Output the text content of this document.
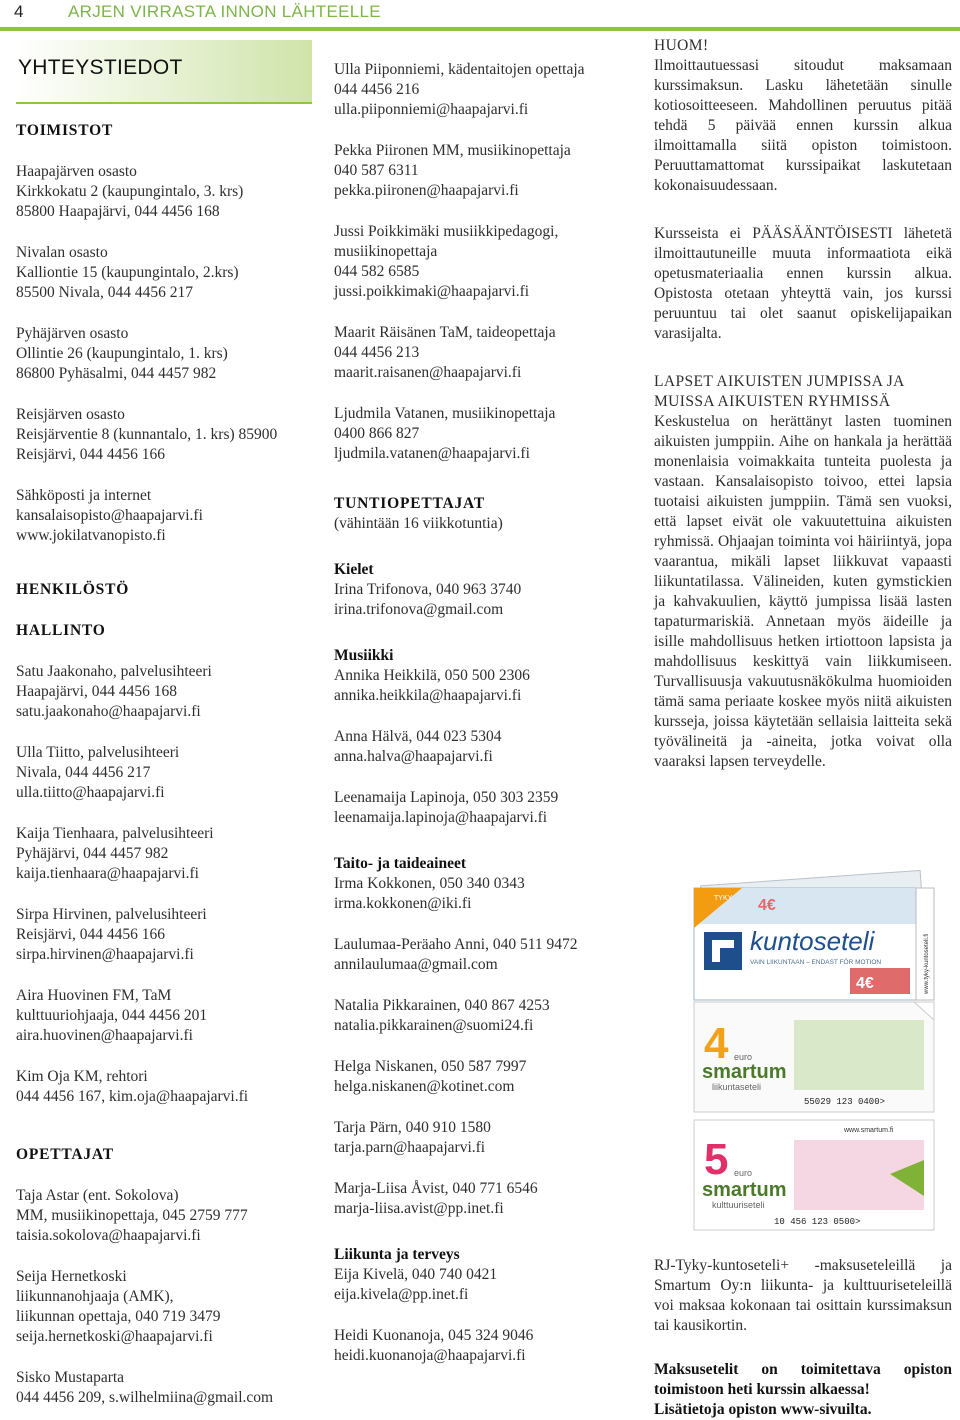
4	ARJEN VIRRASTA INNON LÄHTEELLE
YHTEYSTIEDOT
TOIMISTOT

Haapajärven osasto
Kirkkokatu 2 (kaupungintalo, 3. krs)
85800 Haapajärvi, 044 4456 168

Nivalan osasto
Kalliontie 15 (kaupungintalo, 2.krs)
85500 Nivala, 044 4456 217

Pyhäjärven osasto
Ollintie 26 (kaupungintalo, 1. krs)
86800 Pyhäsalmi, 044 4457 982

Reisjärven osasto
Reisjärventie 8 (kunnantalo, 1. krs) 85900
Reisjärvi, 044 4456 166

Sähköposti ja internet
kansalaisopisto@haapajarvi.fi
www.jokilatvanopisto.fi

HENKILÖSTÖ
HALLINTO

Satu Jaakonaho, palvelusihteeri
Haapajärvi, 044 4456 168
satu.jaakonaho@haapajarvi.fi

Ulla Tiitto, palvelusihteeri
Nivala, 044 4456 217
ulla.tiitto@haapajarvi.fi

Kaija Tienhaara, palvelusihteeri
Pyhäjärvi, 044 4457 982
kaija.tienhaara@haapajarvi.fi

Sirpa Hirvinen, palvelusihteeri
Reisjärvi, 044 4456 166
sirpa.hirvinen@haapajarvi.fi

Aira Huovinen FM, TaM
kulttuuriohjaaja, 044 4456 201
aira.huovinen@haapajarvi.fi

Kim Oja KM, rehtori
044 4456 167, kim.oja@haapajarvi.fi

OPETTAJAT

Taja Astar (ent. Sokolova)
MM, musiikinopettaja, 045 2759 777
taisia.sokolova@haapajarvi.fi

Seija Hernetkoski
liikunnanohjaaja (AMK),
liikunnan opettaja, 040 719 3479
seija.hernetkoski@haapajarvi.fi

Sisko Mustaparta
044 4456 209, s.wilhelmiina@gmail.com

Ulla Piiponniemi, kädentaitojen opettaja
044 4456 216
ulla.piiponniemi@haapajarvi.fi

Pekka Piironen MM, musiikinopettaja
040 587 6311
pekka.piironen@haapajarvi.fi

Jussi Poikkimäki musiikkipedagogi,
musiikinopettaja
044 582 6585
jussi.poikkimaki@haapajarvi.fi

Maarit Räisänen TaM, taideopettaja
044 4456 213
maarit.raisanen@haapajarvi.fi

Ljudmila Vatanen, musiikinopettaja
0400 866 827
ljudmila.vatanen@haapajarvi.fi

TUNTIOPETTAJAT

(vähintään 16 viikkotuntia)

Kielet

Irina Trifonova, 040 963 3740
irina.trifonova@gmail.com

Musiikki

Annika Heikkilä, 050 500 2306
annika.heikkila@haapajarvi.fi

Anna Hälvä, 044 023 5304
anna.halva@haapajarvi.fi

Leenamaija Lapinoja, 050 303 2359
leenamaija.lapinoja@haapajarvi.fi

Taito- ja taideaineet

Irma Kokkonen, 050 340 0343
irma.kokkonen@iki.fi

Laulumaa-Peräaho Anni, 040 511 9472
annilaulumaa@gmail.com

Natalia Pikkarainen, 040 867 4253
natalia.pikkarainen@suomi24.fi

Helga Niskanen, 050 587 7997
helga.niskanen@kotinet.com

Tarja Pärn, 040 910 1580
tarja.parn@haapajarvi.fi

Marja-Liisa Åvist, 040 771 6546
marja-liisa.avist@pp.inet.fi

Liikunta ja terveys

Eija Kivelä, 040 740 0421
eija.kivela@pp.inet.fi

Heidi Kuonanoja, 045 324 9046
heidi.kuonanoja@haapajarvi.fi

HUOM!

Ilmoittautuessasi sitoudut maksamaan kurssimaksun. Lasku lähetetään sinulle kotiosoitteeseen. Mahdollinen peruutus pitää tehdä 5 päivää ennen kurssin alkua ilmoittamalla siitä opiston toimistoon. Peruuttamattomat kurssipaikat laskutetaan kokonaisuudessaan.

Kursseista ei PÄÄSÄÄNTÖISESTI lähetetä ilmoittautuneille muuta informaatiota eikä opetusmateriaalia ennen kurssin alkua. Opistosta otetaan yhteyttä vain, jos kurssi peruuntuu tai olet saanut opiskelijapaikan varasijalta.

LAPSET AIKUISTEN JUMPISSA JA MUISSA AIKUISTEN RYHMISSÄ

Keskustelua on herättänyt lasten tuominen aikuisten jumppiin. Aihe on hankala ja herättää monenlaisia voimakkaita tunteita puolesta ja vastaan. Kansalaisopisto toivoo, ettei lapsia tuotaisi aikuisten jumppiin. Tämä sen vuoksi, että lapset eivät ole vakuutettuina aikuisten ryhmissä. Ohjaajan toiminta voi häiriintyä, jopa vaarantua, mikäli lapset liikkuvat vapaasti liikuntatilassa. Välineiden, kuten gymstickien ja kahvakuulien, käyttö jumpissa lisää lasten tapaturmariskiä. Annetaan myös äideille ja isille mahdollisuus hetken irtiottoon lapsista ja mahdollisuus keskittyä vain liikkumiseen. Turvallisuusja vakuutusnäkökulma huomioiden tämä sama periaate koskee myös niitä aikuisten kursseja, joissa käytetään sellaisia laitteita sekä työvälineitä ja -aineita, jotka voivat olla vaaraksi lapsen terveydelle.

TYKY
kuntoseteli
VAIN LIIKUNTAAN – ENDAST FÖR MOTION
4€
4€
www.tyky-kuntoseteli.fi
4 euro
smartum
liikuntaseteli
55029 123 0400>
www.smartum.fi
5 euro
smartum
kulttuuriseteli
10 456 123 0500>

RJ-Tyky-kuntoseteli+ -maksuseteleillä ja Smartum Oy:n liikunta- ja kulttuuriseteleillä voi maksaa kokonaan tai osittain kurssimaksun tai kausikortin.

Maksusetelit on toimitettava opiston toimistoon heti kurssin alkaessa!

Lisätietoja opiston www-sivuilta.
